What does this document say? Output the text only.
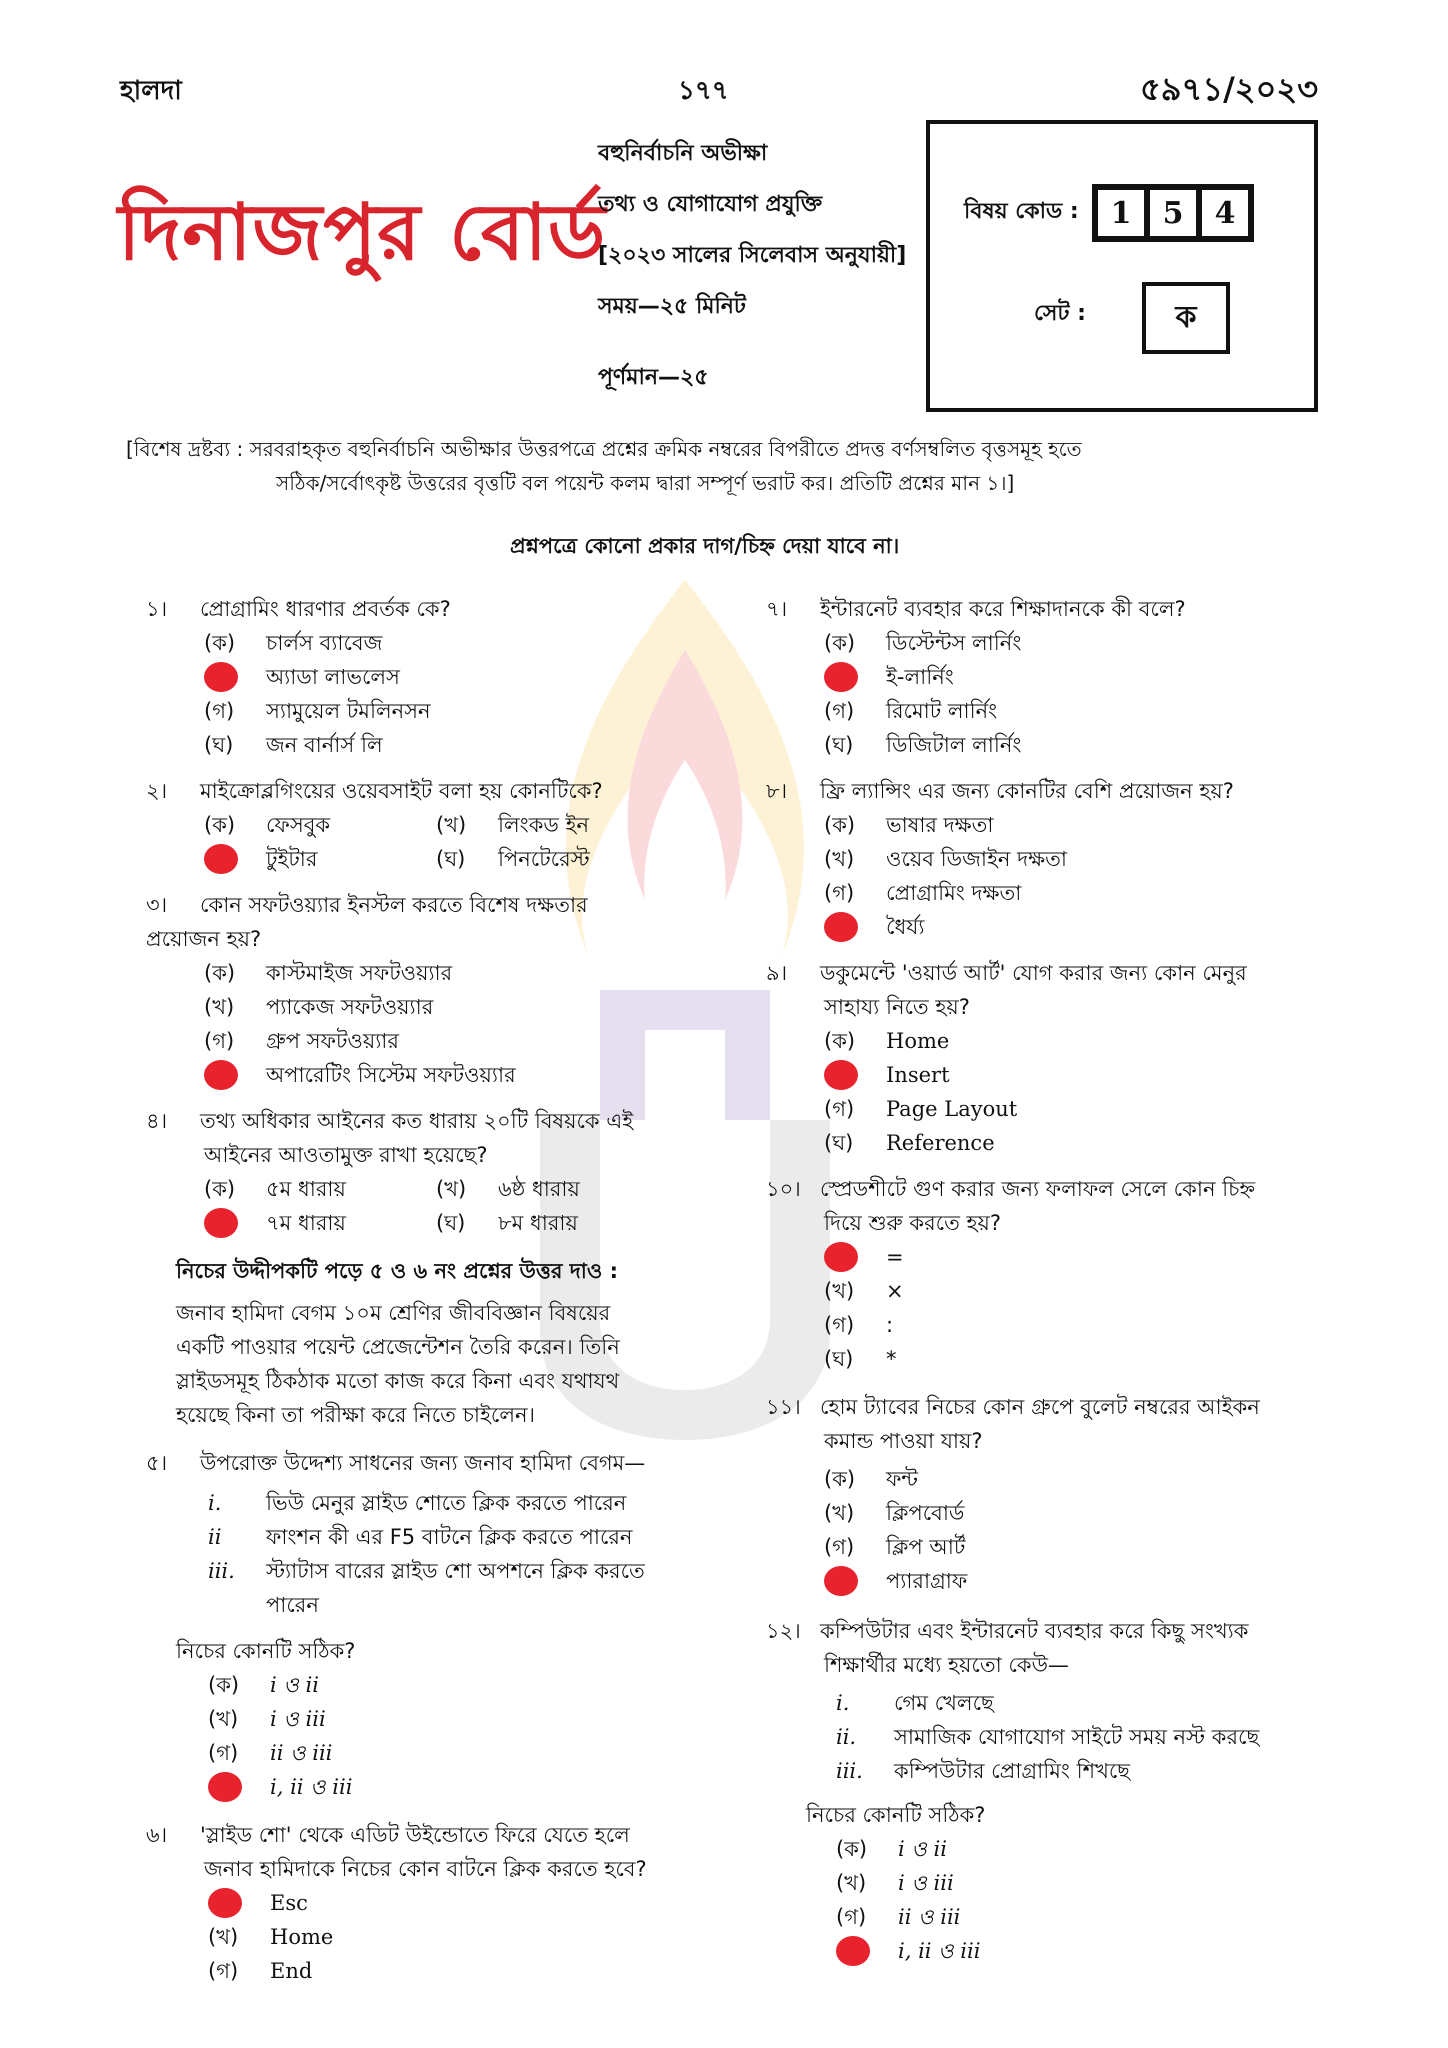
হালদা	১৭৭	৫৯৭১/২০২৩
দিনাজপুর বোর্ড
বহুনির্বাচনি অভীক্ষা
তথ্য ও যোগাযোগ প্রযুক্তি
[২০২৩ সালের সিলেবাস অনুযায়ী]
সময়—২৫ মিনিট
পূর্ণমান—২৫
বিষয় কোড :	1	5	4
সেট :	ক
[বিশেষ দ্রষ্টব্য : সরবরাহকৃত বহুনির্বাচনি অভীক্ষার উত্তরপত্রে প্রশ্নের ক্রমিক নম্বরের বিপরীতে প্রদত্ত বর্ণসম্বলিত বৃত্তসমূহ হতে
সঠিক/সর্বোৎকৃষ্ট উত্তরের বৃত্তটি বল পয়েন্ট কলম দ্বারা সম্পূর্ণ ভরাট কর। প্রতিটি প্রশ্নের মান ১।]
প্রশ্নপত্রে কোনো প্রকার দাগ/চিহ্ন দেয়া যাবে না।
১। প্রোগ্রামিং ধারণার প্রবর্তক কে?
(ক)	চার্লস ব্যাবেজ
অ্যাডা লাভলেস
(গ)	স্যামুয়েল টমলিনসন
(ঘ)	জন বার্নার্স লি
২। মাইক্রোব্লগিংয়ের ওয়েবসাইট বলা হয় কোনটিকে?
(ক)	ফেসবুক	(খ)	লিংকড ইন
টুইটার	(ঘ)	পিনটেরেস্ট
৩। কোন সফটওয়্যার ইনস্টল করতে বিশেষ দক্ষতার
প্রয়োজন হয়?
(ক)	কাস্টমাইজ সফটওয়্যার
(খ)	প্যাকেজ সফটওয়্যার
(গ)	গ্রুপ সফটওয়্যার
অপারেটিং সিস্টেম সফটওয়্যার
৪। তথ্য অধিকার আইনের কত ধারায় ২০টি বিষয়কে এই
আইনের আওতামুক্ত রাখা হয়েছে?
(ক)	৫ম ধারায়	(খ)	৬ষ্ঠ ধারায়
৭ম ধারায়	(ঘ)	৮ম ধারায়
নিচের উদ্দীপকটি পড়ে ৫ ও ৬ নং প্রশ্নের উত্তর দাও :
জনাব হামিদা বেগম ১০ম শ্রেণির জীববিজ্ঞান বিষয়ের
একটি পাওয়ার পয়েন্ট প্রেজেন্টেশন তৈরি করেন। তিনি
স্লাইডসমূহ ঠিকঠাক মতো কাজ করে কিনা এবং যথাযথ
হয়েছে কিনা তা পরীক্ষা করে নিতে চাইলেন।
৫। উপরোক্ত উদ্দেশ্য সাধনের জন্য জনাব হামিদা বেগম—
i. ভিউ মেনুর স্লাইড শোতে ক্লিক করতে পারেন
ii ফাংশন কী এর F5 বাটনে ক্লিক করতে পারেন
iii. স্ট্যাটাস বারের স্লাইড শো অপশনে ক্লিক করতে
পারেন
নিচের কোনটি সঠিক?
(ক)	i ও ii
(খ)	i ও iii
(গ)	ii ও iii
i, ii ও iii
৬। 'স্লাইড শো' থেকে এডিট উইন্ডোতে ফিরে যেতে হলে
জনাব হামিদাকে নিচের কোন বাটনে ক্লিক করতে হবে?
Esc
(খ)	Home
(গ)	End
৭। ইন্টারনেট ব্যবহার করে শিক্ষাদানকে কী বলে?
(ক)	ডিস্টেন্টস লার্নিং
ই-লার্নিং
(গ)	রিমোট লার্নিং
(ঘ)	ডিজিটাল লার্নিং
৮। ফ্রি ল্যান্সিং এর জন্য কোনটির বেশি প্রয়োজন হয়?
(ক)	ভাষার দক্ষতা
(খ)	ওয়েব ডিজাইন দক্ষতা
(গ)	প্রোগ্রামিং দক্ষতা
ধৈর্য্য
৯। ডকুমেন্টে 'ওয়ার্ড আর্ট' যোগ করার জন্য কোন মেনুর
সাহায্য নিতে হয়?
(ক)	Home
Insert
(গ)	Page Layout
(ঘ)	Reference
১০। স্প্রেডশীটে গুণ করার জন্য ফলাফল সেলে কোন চিহ্ন
দিয়ে শুরু করতে হয়?
=
(খ)	×
(গ)	:
(ঘ)	*
১১। হোম ট্যাবের নিচের কোন গ্রুপে বুলেট নম্বরের আইকন
কমান্ড পাওয়া যায়?
(ক)	ফন্ট
(খ)	ক্লিপবোর্ড
(গ)	ক্লিপ আর্ট
প্যারাগ্রাফ
১২। কম্পিউটার এবং ইন্টারনেট ব্যবহার করে কিছু সংখ্যক
শিক্ষার্থীর মধ্যে হয়তো কেউ—
i. গেম খেলছে
ii. সামাজিক যোগাযোগ সাইটে সময় নস্ট করছে
iii. কম্পিউটার প্রোগ্রামিং শিখছে
নিচের কোনটি সঠিক?
(ক)	i ও ii
(খ)	i ও iii
(গ)	ii ও iii
i, ii ও iii
